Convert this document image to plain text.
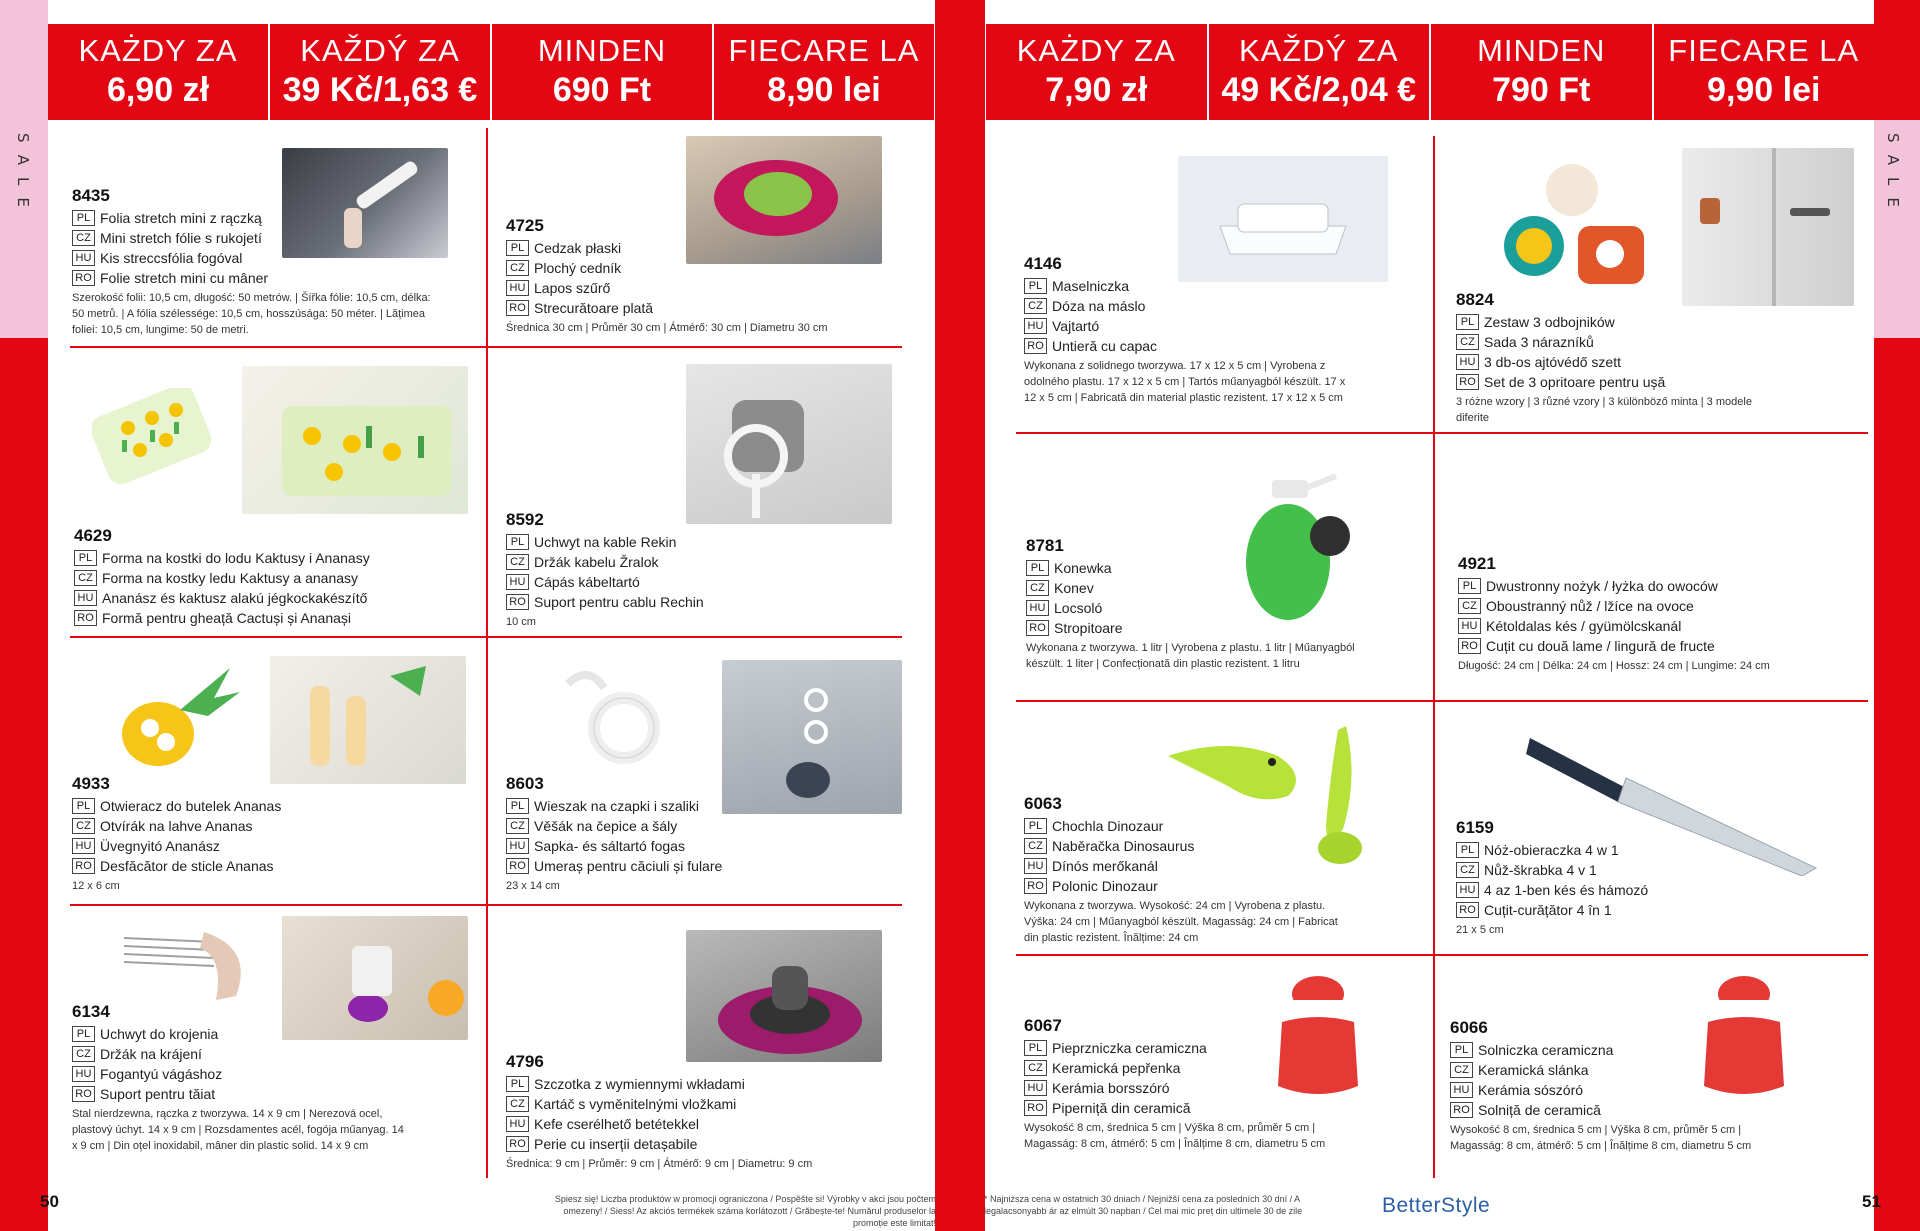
SALE	SALE
KAŻDY ZA
6,90 zł
KAŽDÝ ZA
39 Kč/1,63 €
MINDEN
690 Ft
FIECARE LA
8,90 lei
KAŻDY ZA
7,90 zł
KAŽDÝ ZA
49 Kč/2,04 €
MINDEN
790 Ft
FIECARE LA
9,90 lei
8435
PL Folia stretch mini z rączką
CZ Mini stretch fólie s rukojetí
HU Kis streccsfólia fogóval
RO Folie stretch mini cu mâner
Szerokość folii: 10,5 cm, długość: 50 metrów. | Šířka fólie: 10,5 cm, délka: 50 metrů. | A fólia szélessége: 10,5 cm, hosszúsága: 50 méter. | Lățimea foliei: 10,5 cm, lungime: 50 de metri.
4725
PL Cedzak płaski
CZ Plochý cedník
HU Lapos szűrő
RO Strecurătoare plată
Średnica 30 cm | Průměr 30 cm | Átmérő: 30 cm | Diametru 30 cm
4629
PL Forma na kostki do lodu Kaktusy i Ananasy
CZ Forma na kostky ledu Kaktusy a ananasy
HU Ananász és kaktusz alakú jégkockakészítő
RO Formă pentru gheață Cactuși și Ananași
8592
PL Uchwyt na kable Rekin
CZ Držák kabelu Žralok
HU Cápás kábeltartó
RO Suport pentru cablu Rechin
10 cm
4933
PL Otwieracz do butelek Ananas
CZ Otvírák na lahve Ananas
HU Üvegnyitó Ananász
RO Desfăcător de sticle Ananas
12 x 6 cm
8603
PL Wieszak na czapki i szaliki
CZ Věšák na čepice a šály
HU Sapka- és sáltartó fogas
RO Umeraș pentru căciuli și fulare
23 x 14 cm
6134
PL Uchwyt do krojenia
CZ Držák na krájení
HU Fogantyú vágáshoz
RO Suport pentru tăiat
Stal nierdzewna, rączka z tworzywa. 14 x 9 cm | Nerezová ocel, plastový úchyt. 14 x 9 cm | Rozsdamentes acél, fogója műanyag. 14 x 9 cm | Din oțel inoxidabil, mâner din plastic solid. 14 x 9 cm
4796
PL Szczotka z wymiennymi wkładami
CZ Kartáč s vyměnitelnými vložkami
HU Kefe cserélhető betétekkel
RO Perie cu inserții detașabile
Średnica: 9 cm | Průměr: 9 cm | Átmérő: 9 cm | Diametru: 9 cm
4146
PL Maselniczka
CZ Dóza na máslo
HU Vajtartó
RO Untieră cu capac
Wykonana z solidnego tworzywa. 17 x 12 x 5 cm | Vyrobena z odolného plastu. 17 x 12 x 5 cm | Tartós műanyagból készült. 17 x 12 x 5 cm | Fabricată din material plastic rezistent. 17 x 12 x 5 cm
8824
PL Zestaw 3 odbojników
CZ Sada 3 nárazníků
HU 3 db-os ajtóvédő szett
RO Set de 3 opritoare pentru ușă
3 różne wzory | 3 různé vzory | 3 különböző minta | 3 modele diferite
8781
PL Konewka
CZ Konev
HU Locsoló
RO Stropitoare
Wykonana z tworzywa. 1 litr | Vyrobena z plastu. 1 litr | Műanyagból készült. 1 liter | Confecționată din plastic rezistent. 1 litru
4921
PL Dwustronny nożyk / łyżka do owoców
CZ Oboustranný nůž / lžíce na ovoce
HU Kétoldalas kés / gyümölcskanál
RO Cuțit cu două lame / lingură de fructe
Długość: 24 cm | Délka: 24 cm | Hossz: 24 cm | Lungime: 24 cm
6063
PL Chochla Dinozaur
CZ Naběračka Dinosaurus
HU Dínós merőkanál
RO Polonic Dinozaur
Wykonana z tworzywa. Wysokość: 24 cm | Vyrobena z plastu. Výška: 24 cm | Műanyagból készült. Magasság: 24 cm | Fabricat din plastic rezistent. Înălțime: 24 cm
6159
PL Nóż-obieraczka 4 w 1
CZ Nůž-škrabka 4 v 1
HU 4 az 1-ben kés és hámozó
RO Cuțit-curățător 4 în 1
21 x 5 cm
6067
PL Pieprzniczka ceramiczna
CZ Keramická pepřenka
HU Kerámia borsszóró
RO Piperniță din ceramică
Wysokość 8 cm, średnica 5 cm | Výška 8 cm, průměr 5 cm | Magasság: 8 cm, átmérő: 5 cm | Înălțime 8 cm, diametru 5 cm
6066
PL Solniczka ceramiczna
CZ Keramická slánka
HU Kerámia sószóró
RO Solniță de ceramică
Wysokość 8 cm, średnica 5 cm | Výška 8 cm, průměr 5 cm | Magasság: 8 cm, átmérő: 5 cm | Înălțime 8 cm, diametru 5 cm
50	Spiesz się! Liczba produktów w promocji ograniczona / Pospěšte si! Výrobky v akci jsou počtem omezeny! / Siess! Az akciós termékek száma korlátozott / Grăbește-te! Numărul produselor la promoție este limitat!
* Najniższa cena w ostatnich 30 dniach / Nejnižší cena za posledních 30 dní / A legalacsonyabb ár az elmúlt 30 napban / Cel mai mic preț din ultimele 30 de zile	BetterStyle	51
